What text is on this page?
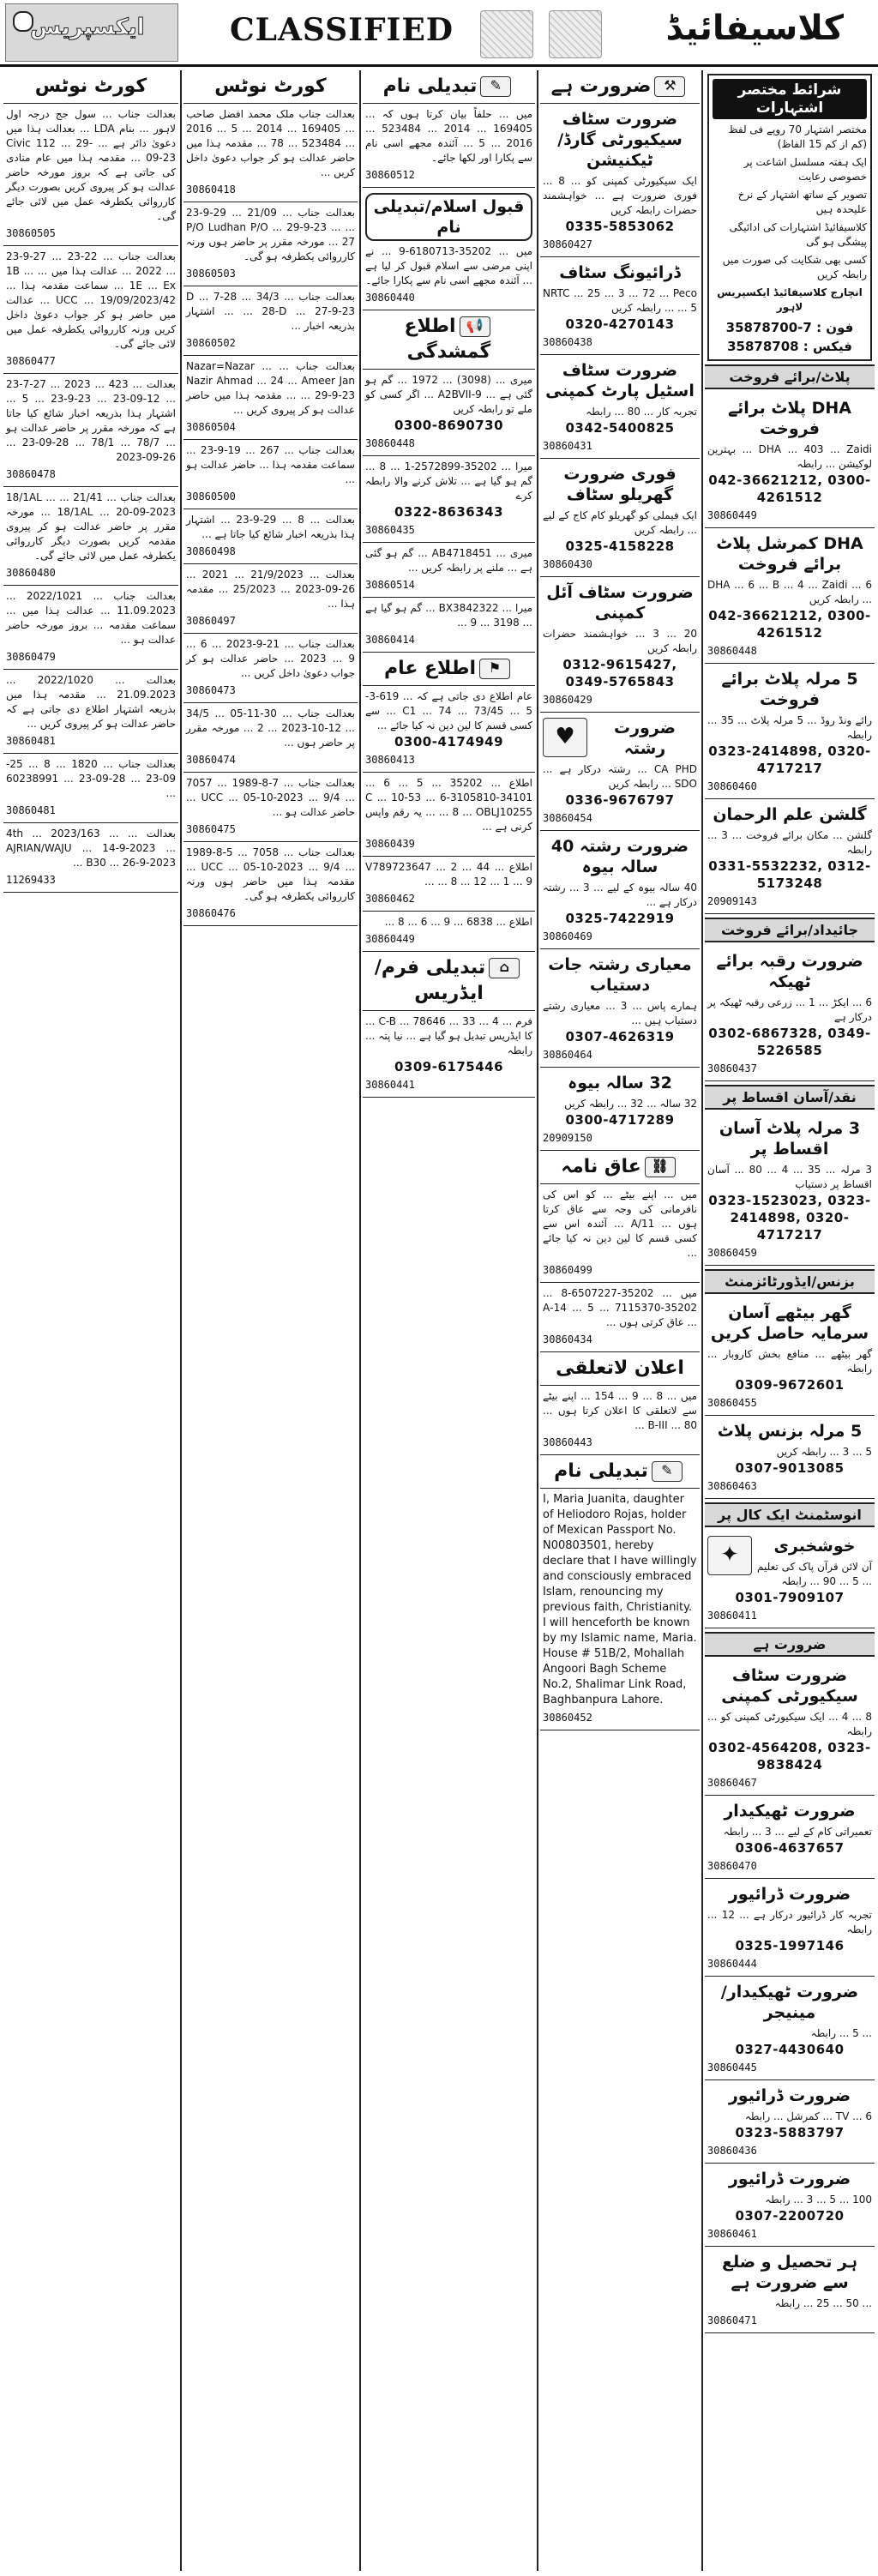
ایکسپریس	CLASSIFIED	کلاسیفائیڈ
کورٹ نوٹس
بعدالت جناب ... سول جج درجہ اول لاہور ... بنام LDA ... بعدالت ہذا میں دعویٰ دائر ہے ... Civic 112 ... 29-09-23 ... مقدمہ ہذا میں عام منادی کی جاتی ہے کہ بروز مورخہ حاضر عدالت ہو کر پیروی کریں بصورت دیگر کارروائی یکطرفہ عمل میں لائی جائے گی۔
30860505
بعدالت جناب ... 22-23 ... 27-9-23 ... 2022 ... عدالت ہذا میں ... 1B ... 1E ... Ex ... سماعت مقدمہ ہذا ... 42/UCC ... 19/09/2023 ... عدالت میں حاضر ہو کر جواب دعویٰ داخل کریں ورنہ کارروائی یکطرفہ عمل میں لائی جائے گی۔
30860477
بعدالت ... 423 ... 2023 ... 27-7-23 ... 12-09-23 ... 23-9-23 ... 5 ... اشتہار ہذا بذریعہ اخبار شائع کیا جاتا ہے کہ مورخہ مقرر پر حاضر عدالت ہو ... 78/7 ... 78/1 ... 28-09-23 ... 26-09-2023
30860478
بعدالت جناب ... 21/41 ... 18/1AL ... 18/1AL ... 20-09-2023 ... مورخہ مقرر پر حاضر عدالت ہو کر پیروی مقدمہ کریں بصورت دیگر کارروائی یکطرفہ عمل میں لائی جائے گی۔
30860480
بعدالت جناب ... 2022/1021 ... 11.09.2023 ... عدالت ہذا میں ... سماعت مقدمہ ... بروز مورخہ حاضر عدالت ہو ...
30860479
بعدالت ... 2022/1020 ... 21.09.2023 ... مقدمہ ہذا میں بذریعہ اشتہار اطلاع دی جاتی ہے کہ حاضر عدالت ہو کر پیروی کریں ...
30860481
بعدالت جناب ... 1820 ... 8 ... 25-09-23 ... 28-09-23 ... 60238991 ...
30860481
بعدالت ... 4th ... 2023/163 ... AJRIAN/WAJU ... 14-9-2023 ... B30 ... 26-9-2023 ...
11269433
کورٹ نوٹس
بعدالت جناب ملک محمد افضل صاحب ... 169405 ... 2014 ... 5 ... 2016 ... 523484 ... 78 ... مقدمہ ہذا میں حاضر عدالت ہو کر جواب دعویٰ داخل کریں ...
30860418
بعدالت جناب ... 21/09 ... 29-9-23 ... P/O Ludhan P/O ... 29-9-23 ... 27 ... مورخہ مقرر پر حاضر ہوں ورنہ کارروائی یکطرفہ ہو گی۔
30860503
بعدالت جناب ... 34/3 ... 28-D ... 7 ... 28-D ... 27-9-23 ... اشتہار بذریعہ اخبار ...
30860502
بعدالت جناب ... Nazar=Nazar ... Nazir Ahmad ... 24 ... Ameer Jan ... 29-9-23 ... مقدمہ ہذا میں حاضر عدالت ہو کر پیروی کریں ...
30860504
بعدالت جناب ... 267 ... 19-9-23 ... سماعت مقدمہ ہذا ... حاضر عدالت ہو ...
30860500
بعدالت ... 8 ... 29-9-23 ... اشتہار ہذا بذریعہ اخبار شائع کیا جاتا ہے ...
30860498
بعدالت ... 21/9/2023 ... 2021 ... 26-09-2023 ... 25/2023 ... مقدمہ ہذا ...
30860497
بعدالت جناب ... 21-9-2023 ... 6 ... 9 ... 2023 ... حاضر عدالت ہو کر جواب دعویٰ داخل کریں ...
30860473
بعدالت جناب ... 30-11-05 ... 34/5 ... 12-10-2023 ... 2 ... مورخہ مقرر پر حاضر ہوں ...
30860474
بعدالت جناب ... 7-8-1989 ... 7057 ... 4/UCC ... 05-10-2023 ... 9 ... حاضر عدالت ہو ...
30860475
بعدالت جناب ... 7058 ... 5-8-1989 ... 4/UCC ... 05-10-2023 ... 9 ... مقدمہ ہذا میں حاضر ہوں ورنہ کارروائی یکطرفہ ہو گی۔
30860476
✎تبدیلی نام
میں ... حلفاً بیان کرتا ہوں کہ ... 169405 ... 2014 ... 523484 ... 2016 ... 5 ... آئندہ مجھے اسی نام سے پکارا اور لکھا جائے۔
30860512
قبول اسلام/تبدیلی نام
میں ... 35202-6180713-9 ... نے اپنی مرضی سے اسلام قبول کر لیا ہے ... آئندہ مجھے اسی نام سے پکارا جائے۔
30860440
📢اطلاع گمشدگی
میری ... (3098) ... 1972 ... گم ہو گئی ہے ... 9-A2BVII ... اگر کسی کو ملے تو رابطہ کریں
0300-8690730
30860448
میرا ... 35202-2572899-1 ... 8 ... گم ہو گیا ہے ... تلاش کرنے والا رابطہ کرے
0322-8636343
30860435
میری ... AB4718451 ... گم ہو گئی ہے ... ملنے پر رابطہ کریں ...
30860514
میرا ... BX3842322 ... گم ہو گیا ہے ... 3198 ... 9 ...
30860414
⚑اطلاع عام
عام اطلاع دی جاتی ہے کہ ... 619-3-C1 ... 74 ... 73/45 ... 5 ... سے کسی قسم کا لین دین نہ کیا جائے ...
0300-4174949
30860413
اطلاع ... 35202 ... 5 ... 6 ... 34101-3105810-6 ... 53-C ... 10 ... 8 ... OBLJ10255 ... یہ رقم واپس کرنی ہے ...
30860439
اطلاع ... 44 ... V789723647 ... 2 ... 8 ... 12 ... 1 ... 9 ...
30860462
اطلاع ... 6838 ... 9 ... 6 ... 8 ...
30860449
⌂تبدیلی فرم/ایڈریس
فرم ... C-B ... 78646 ... 33 ... 4 ... کا ایڈریس تبدیل ہو گیا ہے ... نیا پتہ ... رابطہ
0309-6175446
30860441
⚒ضرورت ہے
ضرورت سٹاف سیکیورٹی گارڈ/ٹیکنیشن
ایک سیکیورٹی کمپنی کو ... 8 ... فوری ضرورت ہے ... خواہشمند حضرات رابطہ کریں
0335-5853062
30860427
ڈرائیونگ سٹاف
NRTC ... 25 ... 3 ... 72 ... Peco ... 5 ... رابطہ کریں
0320-4270143
30860438
ضرورت سٹاف اسٹیل پارٹ کمپنی
تجربہ کار ... 80 ... رابطہ
0342-5400825
30860431
فوری ضرورت گھریلو سٹاف
ایک فیملی کو گھریلو کام کاج کے لیے ... رابطہ کریں
0325-4158228
30860430
ضرورت سٹاف آئل کمپنی
20 ... 3 ... خواہشمند حضرات رابطہ کریں
0312-9615427, 0349-5765843
30860429
♥	ضرورت رشتہ
CA PHD ... رشتہ درکار ہے ... SDO ... رابطہ کریں
0336-9676797
30860454
ضرورت رشتہ 40 سالہ بیوہ
40 سالہ بیوہ کے لیے ... 3 ... رشتہ درکار ہے ...
0325-7422919
30860469
معیاری رشتہ جات دستیاب
ہمارے پاس ... 3 ... معیاری رشتے دستیاب ہیں ...
0307-4626319
30860464
32 سالہ بیوہ
32 سالہ ... 32 ... رابطہ کریں
0300-4717289
20909150
⛓عاق نامہ
میں ... اپنے بیٹے ... کو اس کی نافرمانی کی وجہ سے عاق کرتا ہوں ... 11/A ... آئندہ اس سے کسی قسم کا لین دین نہ کیا جائے ...
30860499
میں ... 35202-6507227-8 ... 35202-7115370 ... 5 ... 14-A ... عاق کرتی ہوں ...
30860434
اعلان لاتعلقی
میں ... 8 ... 9 ... 154 ... اپنے بیٹے سے لاتعلقی کا اعلان کرتا ہوں ... 80 ... B-III ...
30860443
✎تبدیلی نام
I, Maria Juanita, daughter of Heliodoro Rojas, holder of Mexican Passport No. N00803501, hereby declare that I have willingly and consciously embraced Islam, renouncing my previous faith, Christianity. I will henceforth be known by my Islamic name, Maria. House # 51B/2, Mohallah Angoori Bagh Scheme No.2, Shalimar Link Road, Baghbanpura Lahore.
30860452
شرائط مختصر اشتہارات
مختصر اشتہار 70 روپے فی لفظ (کم از کم 15 الفاظ)
ایک ہفتہ مسلسل اشاعت پر خصوصی رعایت
تصویر کے ساتھ اشتہار کے نرخ علیحدہ ہیں
کلاسیفائیڈ اشتہارات کی ادائیگی پیشگی ہو گی
کسی بھی شکایت کی صورت میں رابطہ کریں
انچارج کلاسیفائیڈ ایکسپریس لاہور
35878700-7 : فون
35878708 : فیکس
پلاٹ/برائے فروخت
DHA پلاٹ برائے فروخت
DHA ... 403 ... Zaidi ... بہترین لوکیشن ... رابطہ
042-36621212, 0300-4261512
30860449
DHA کمرشل پلاٹ برائے فروخت
DHA ... 6 ... B ... 4 ... Zaidi ... 6 ... رابطہ کریں
042-36621212, 0300-4261512
30860448
5 مرلہ پلاٹ برائے فروخت
رائے ونڈ روڈ ... 5 مرلہ پلاٹ ... 35 ... رابطہ
0323-2414898, 0320-4717217
30860460
گلشن علم الرحمان
گلشن ... مکان برائے فروخت ... 3 ... رابطہ
0331-5532232, 0312-5173248
20909143
جائیداد/برائے فروخت
ضرورت رقبہ برائے ٹھیکہ
6 ... ایکڑ ... 1 ... زرعی رقبہ ٹھیکہ پر درکار ہے
0302-6867328, 0349-5226585
30860437
نقد/آسان اقساط پر
3 مرلہ پلاٹ آسان اقساط پر
3 مرلہ ... 35 ... 4 ... 80 ... آسان اقساط پر دستیاب
0323-1523023, 0323-2414898, 0320-4717217
30860459
بزنس/ایڈورٹائزمنٹ
گھر بیٹھے آسان سرمایہ حاصل کریں
گھر بیٹھے ... منافع بخش کاروبار ... رابطہ
0309-9672601
30860455
5 مرلہ بزنس پلاٹ
5 ... 3 ... رابطہ کریں
0307-9013085
30860463
انوسٹمنٹ ایک کال پر
✦	خوشخبری
آن لائن قرآن پاک کی تعلیم ... 5 ... 90 ... رابطہ
0301-7909107
30860411
ضرورت ہے
ضرورت سٹاف سیکیورٹی کمپنی
8 ... 4 ... ایک سیکیورٹی کمپنی کو ... رابطہ
0302-4564208, 0323-9838424
30860467
ضرورت ٹھیکیدار
تعمیراتی کام کے لیے ... 3 ... رابطہ
0306-4637657
30860470
ضرورت ڈرائیور
تجربہ کار ڈرائیور درکار ہے ... 12 ... رابطہ
0325-1997146
30860444
ضرورت ٹھیکیدار/مینیجر
... 5 ... رابطہ
0327-4430640
30860445
ضرورت ڈرائیور
TV ... 6 ... کمرشل ... رابطہ
0323-5883797
30860436
ضرورت ڈرائیور
100 ... 5 ... 3 ... رابطہ
0307-2200720
30860461
ہر تحصیل و ضلع سے ضرورت ہے
... 50 ... 25 ... رابطہ
30860471
